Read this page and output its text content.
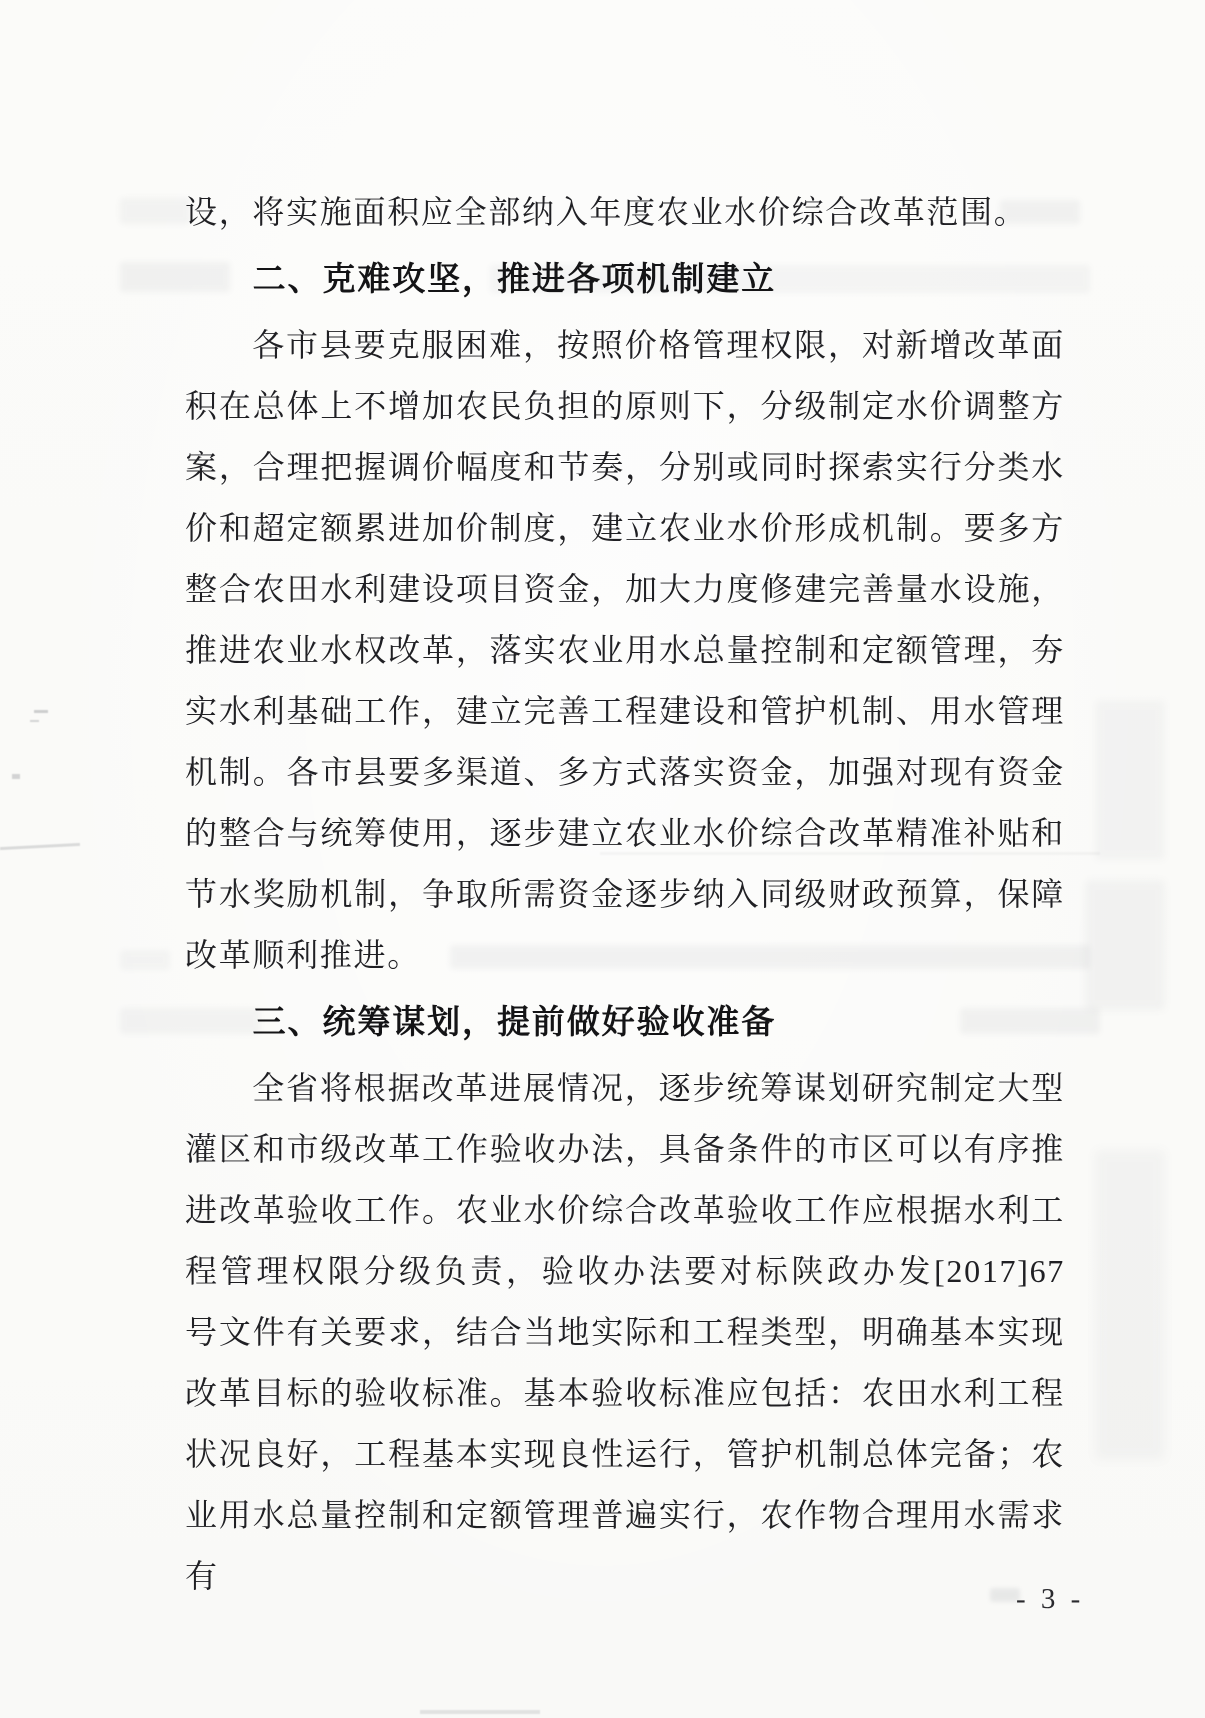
设，将实施面积应全部纳入年度农业水价综合改革范围。

二、克难攻坚，推进各项机制建立

各市县要克服困难，按照价格管理权限，对新增改革面积在总体上不增加农民负担的原则下，分级制定水价调整方案，合理把握调价幅度和节奏，分别或同时探索实行分类水价和超定额累进加价制度，建立农业水价形成机制。要多方整合农田水利建设项目资金，加大力度修建完善量水设施，推进农业水权改革，落实农业用水总量控制和定额管理，夯实水利基础工作，建立完善工程建设和管护机制、用水管理机制。各市县要多渠道、多方式落实资金，加强对现有资金的整合与统筹使用，逐步建立农业水价综合改革精准补贴和节水奖励机制，争取所需资金逐步纳入同级财政预算，保障改革顺利推进。

三、统筹谋划，提前做好验收准备

全省将根据改革进展情况，逐步统筹谋划研究制定大型灌区和市级改革工作验收办法，具备条件的市区可以有序推进改革验收工作。农业水价综合改革验收工作应根据水利工程管理权限分级负责，验收办法要对标陕政办发[2017]67 号文件有关要求，结合当地实际和工程类型，明确基本实现改革目标的验收标准。基本验收标准应包括：农田水利工程状况良好，工程基本实现良性运行，管护机制总体完备；农业用水总量控制和定额管理普遍实行，农作物合理用水需求有

- 3 -
